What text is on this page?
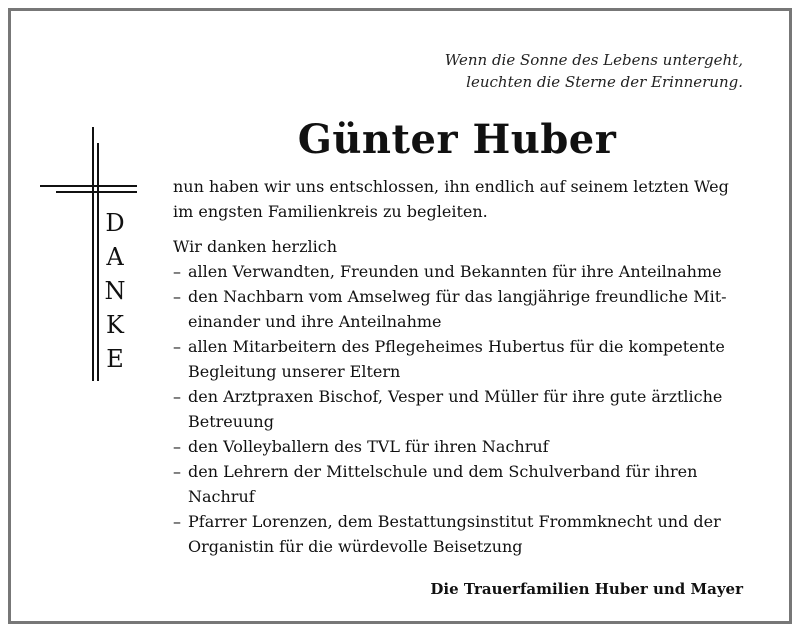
Wenn die Sonne des Lebens untergeht,
leuchten die Sterne der Erinnerung.
Günter Huber
D
A
N
K
E
nun haben wir uns entschlossen, ihn endlich auf seinem letzten Weg
im engsten Familienkreis zu begleiten.
Wir danken herzlich
– allen Verwandten, Freunden und Bekannten für ihre Anteilnahme
– den Nachbarn vom Amselweg für das langjährige freundliche Mit-
einander und ihre Anteilnahme
– allen Mitarbeitern des Pflegeheimes Hubertus für die kompetente
Begleitung unserer Eltern
– den Arztpraxen Bischof, Vesper und Müller für ihre gute ärztliche
Betreuung
– den Volleyballern des TVL für ihren Nachruf
– den Lehrern der Mittelschule und dem Schulverband für ihren
Nachruf
– Pfarrer Lorenzen, dem Bestattungsinstitut Frommknecht und der
Organistin für die würdevolle Beisetzung
Die Trauerfamilien Huber und Mayer
